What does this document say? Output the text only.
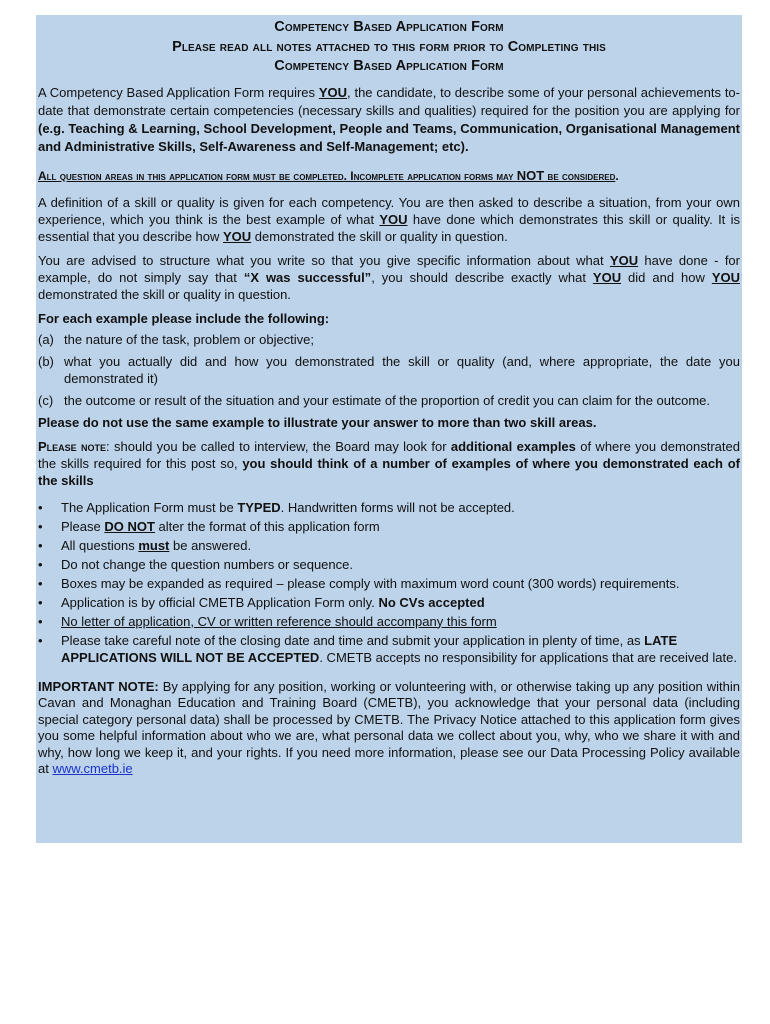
Competency Based Application Form
Please read all notes attached to this form prior to Completing this
Competency Based Application Form

A Competency Based Application Form requires YOU, the candidate, to describe some of your personal achievements to-date that demonstrate certain competencies (necessary skills and qualities) required for the position you are applying for (e.g. Teaching & Learning, School Development, People and Teams, Communication, Organisational Management and Administrative Skills, Self-Awareness and Self-Management; etc).

All question areas in this application form must be completed. Incomplete application forms may NOT be considered.

A definition of a skill or quality is given for each competency. You are then asked to describe a situation, from your own experience, which you think is the best example of what YOU have done which demonstrates this skill or quality. It is essential that you describe how YOU demonstrated the skill or quality in question.

You are advised to structure what you write so that you give specific information about what YOU have done - for example, do not simply say that “X was successful”, you should describe exactly what YOU did and how YOU demonstrated the skill or quality in question.

For each example please include the following:

(a) the nature of the task, problem or objective;
(b) what you actually did and how you demonstrated the skill or quality (and, where appropriate, the date you demonstrated it)
(c) the outcome or result of the situation and your estimate of the proportion of credit you can claim for the outcome.

Please do not use the same example to illustrate your answer to more than two skill areas.

Please note: should you be called to interview, the Board may look for additional examples of where you demonstrated the skills required for this post so, you should think of a number of examples of where you demonstrated each of the skills

•	The Application Form must be TYPED. Handwritten forms will not be accepted.
•	Please DO NOT alter the format of this application form
•	All questions must be answered.
•	Do not change the question numbers or sequence.
•	Boxes may be expanded as required – please comply with maximum word count (300 words) requirements.
•	Application is by official CMETB Application Form only. No CVs accepted
•	No letter of application, CV or written reference should accompany this form
•	Please take careful note of the closing date and time and submit your application in plenty of time, as LATE APPLICATIONS WILL NOT BE ACCEPTED. CMETB accepts no responsibility for applications that are received late.

IMPORTANT NOTE: By applying for any position, working or volunteering with, or otherwise taking up any position within Cavan and Monaghan Education and Training Board (CMETB), you acknowledge that your personal data (including special category personal data) shall be processed by CMETB. The Privacy Notice attached to this application form gives you some helpful information about who we are, what personal data we collect about you, why, who we share it with and why, how long we keep it, and your rights. If you need more information, please see our Data Processing Policy available at www.cmetb.ie
